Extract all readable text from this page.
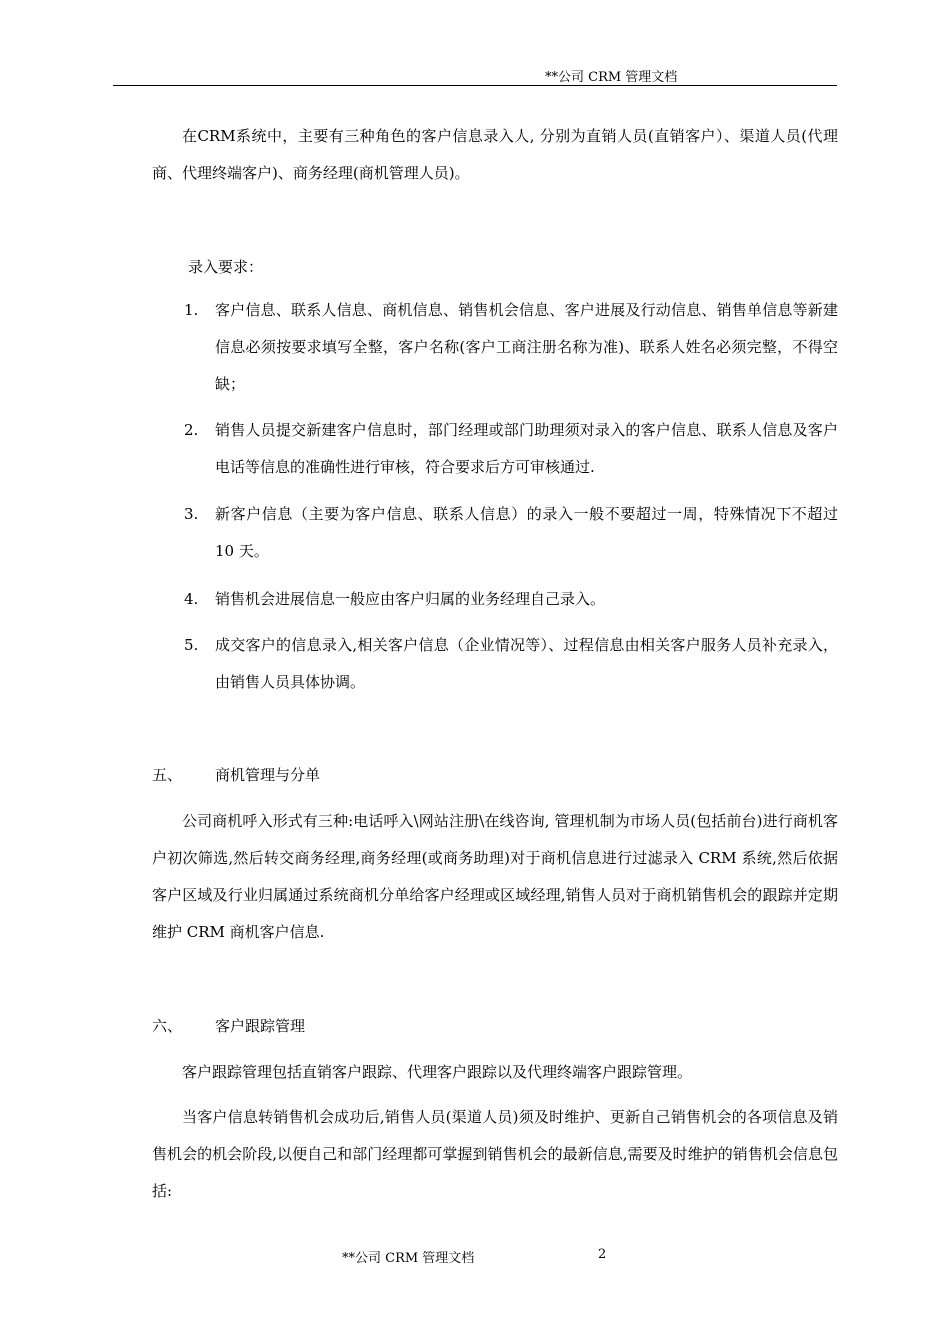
**公司 CRM 管理文档

在CRM系统中，主要有三种角色的客户信息录入人, 分别为直销人员(直销客户）、渠道人员(代理商、代理终端客户)、商务经理(商机管理人员)。

录入要求：
1. 客户信息、联系人信息、商机信息、销售机会信息、客户进展及行动信息、销售单信息等新建信息必须按要求填写全整，客户名称(客户工商注册名称为准)、联系人姓名必须完整，不得空缺；
2. 销售人员提交新建客户信息时，部门经理或部门助理须对录入的客户信息、联系人信息及客户电话等信息的准确性进行审核，符合要求后方可审核通过.
3. 新客户信息（主要为客户信息、联系人信息）的录入一般不要超过一周，特殊情况下不超过 10 天。
4. 销售机会进展信息一般应由客户归属的业务经理自己录入。
5. 成交客户的信息录入,相关客户信息（企业情况等）、过程信息由相关客户服务人员补充录入，由销售人员具体协调。
五、 商机管理与分单

公司商机呼入形式有三种:电话呼入\网站注册\在线咨询, 管理机制为市场人员(包括前台)进行商机客户初次筛选,然后转交商务经理,商务经理(或商务助理)对于商机信息进行过滤录入 CRM 系统,然后依据客户区域及行业归属通过系统商机分单给客户经理或区域经理,销售人员对于商机销售机会的跟踪并定期维护 CRM 商机客户信息.

六、 客户跟踪管理

客户跟踪管理包括直销客户跟踪、代理客户跟踪以及代理终端客户跟踪管理。

当客户信息转销售机会成功后,销售人员(渠道人员)须及时维护、更新自己销售机会的各项信息及销售机会的机会阶段,以便自己和部门经理都可掌握到销售机会的最新信息,需要及时维护的销售机会信息包括:

**公司 CRM 管理文档	2
